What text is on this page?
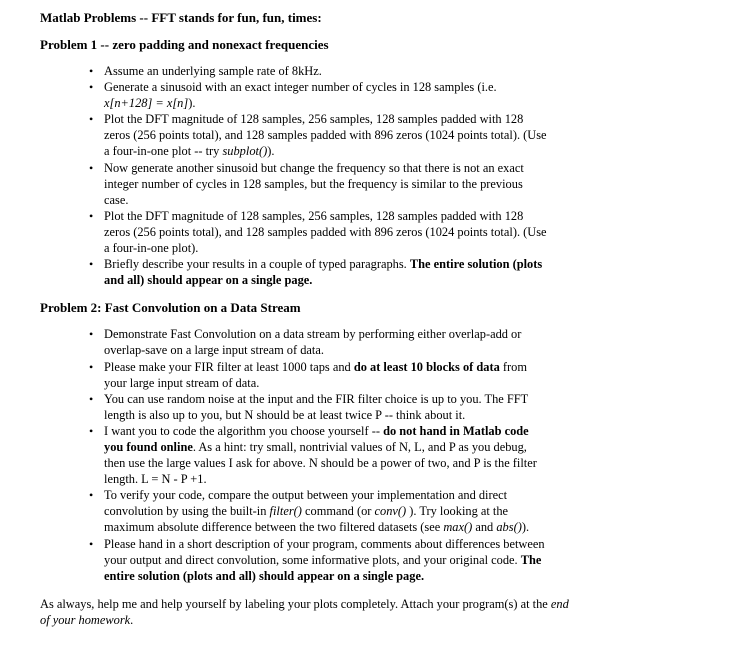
Matlab Problems -- FFT stands for fun, fun, times:
Problem 1 -- zero padding and nonexact frequencies
• Assume an underlying sample rate of 8kHz.
• Generate a sinusoid with an exact integer number of cycles in 128 samples (i.e. x[n+128] = x[n]).
• Plot the DFT magnitude of 128 samples, 256 samples, 128 samples padded with 128 zeros (256 points total), and 128 samples padded with 896 zeros (1024 points total). (Use a four-in-one plot -- try subplot()).
• Now generate another sinusoid but change the frequency so that there is not an exact integer number of cycles in 128 samples, but the frequency is similar to the previous case.
• Plot the DFT magnitude of 128 samples, 256 samples, 128 samples padded with 128 zeros (256 points total), and 128 samples padded with 896 zeros (1024 points total). (Use a four-in-one plot).
• Briefly describe your results in a couple of typed paragraphs. The entire solution (plots and all) should appear on a single page.
Problem 2: Fast Convolution on a Data Stream
• Demonstrate Fast Convolution on a data stream by performing either overlap-add or overlap-save on a large input stream of data.
• Please make your FIR filter at least 1000 taps and do at least 10 blocks of data from your large input stream of data.
• You can use random noise at the input and the FIR filter choice is up to you. The FFT length is also up to you, but N should be at least twice P -- think about it.
• I want you to code the algorithm you choose yourself -- do not hand in Matlab code you found online. As a hint: try small, nontrivial values of N, L, and P as you debug, then use the large values I ask for above. N should be a power of two, and P is the filter length. L = N - P +1.
• To verify your code, compare the output between your implementation and direct convolution by using the built-in filter() command (or conv() ). Try looking at the maximum absolute difference between the two filtered datasets (see max() and abs()).
• Please hand in a short description of your program, comments about differences between your output and direct convolution, some informative plots, and your original code. The entire solution (plots and all) should appear on a single page.

As always, help me and help yourself by labeling your plots completely. Attach your program(s) at the end of your homework.
